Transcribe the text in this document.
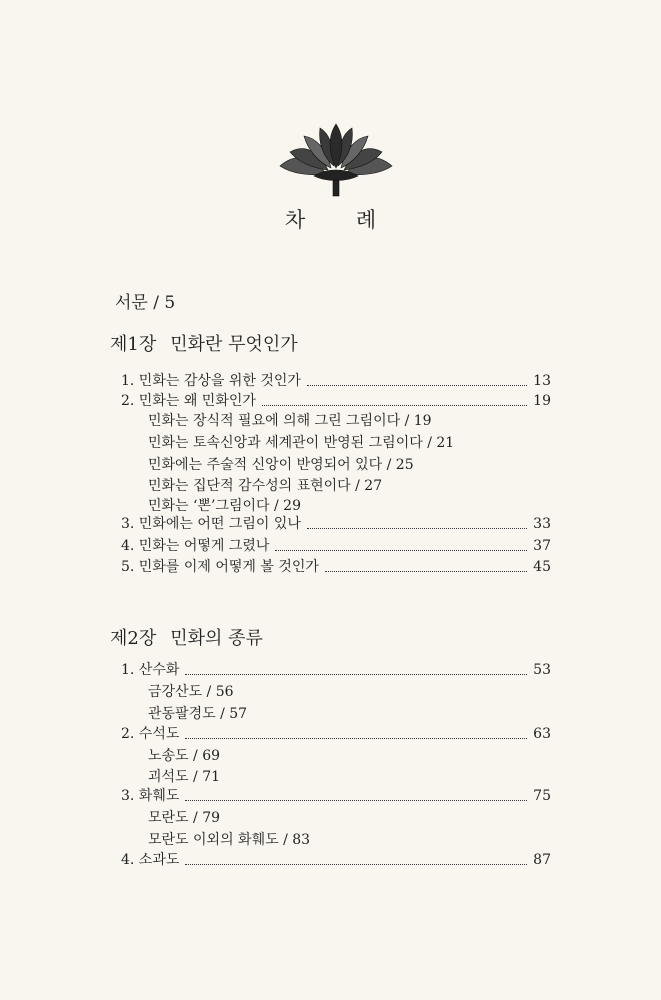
차 례
서문 / 5
제1장 민화란 무엇인가
1. 민화는 감상을 위한 것인가	13
2. 민화는 왜 민화인가	19
민화는 장식적 필요에 의해 그린 그림이다 / 19
민화는 토속신앙과 세계관이 반영된 그림이다 / 21
민화에는 주술적 신앙이 반영되어 있다 / 25
민화는 집단적 감수성의 표현이다 / 27
민화는 ‘뽄’그림이다 / 29
3. 민화에는 어떤 그림이 있나	33
4. 민화는 어떻게 그렸나	37
5. 민화를 이제 어떻게 볼 것인가	45
제2장 민화의 종류
1. 산수화	53
금강산도 / 56
관동팔경도 / 57
2. 수석도	63
노송도 / 69
괴석도 / 71
3. 화훼도	75
모란도 / 79
모란도 이외의 화훼도 / 83
4. 소과도	87
